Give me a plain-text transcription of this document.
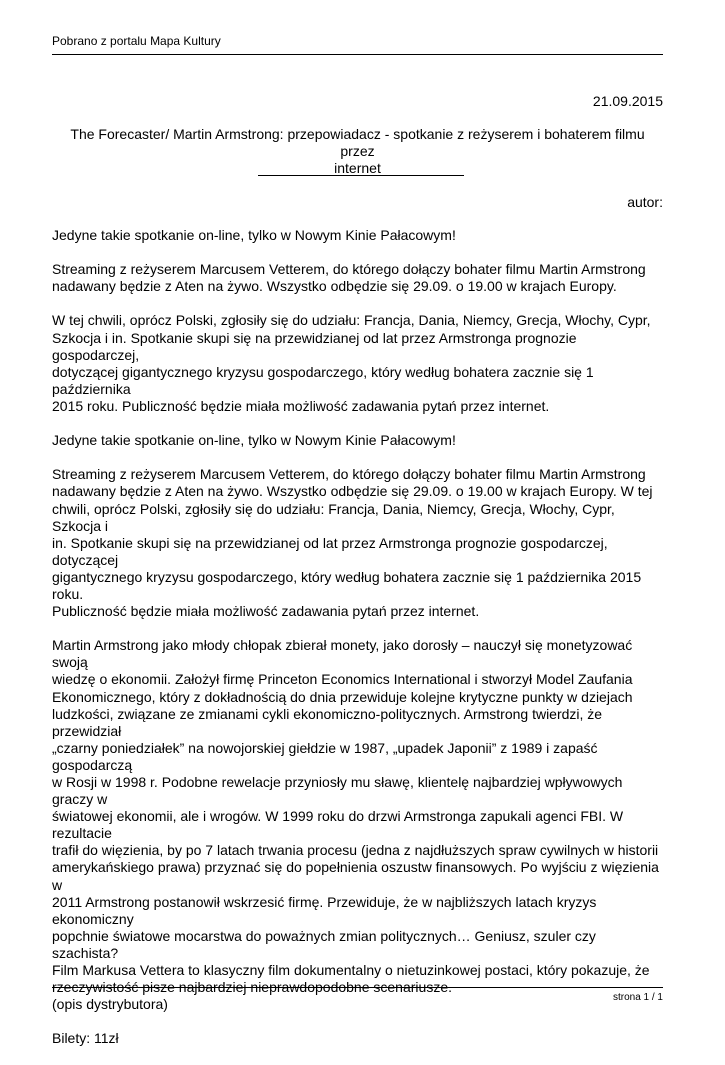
Pobrano z portalu Mapa Kultury
21.09.2015
The Forecaster/ Martin Armstrong: przepowiadacz - spotkanie z reżyserem i bohaterem filmu przez
internet
autor:

Jedyne takie spotkanie on-line, tylko w Nowym Kinie Pałacowym!

Streaming z reżyserem Marcusem Vetterem, do którego dołączy bohater filmu Martin Armstrong
nadawany będzie z Aten na żywo. Wszystko odbędzie się 29.09. o 19.00 w krajach Europy.

W tej chwili, oprócz Polski, zgłosiły się do udziału: Francja, Dania, Niemcy, Grecja, Włochy, Cypr,
Szkocja i in. Spotkanie skupi się na przewidzianej od lat przez Armstronga prognozie gospodarczej,
dotyczącej gigantycznego kryzysu gospodarczego, który według bohatera zacznie się 1 października
2015 roku. Publiczność będzie miała możliwość zadawania pytań przez internet.

Jedyne takie spotkanie on-line, tylko w Nowym Kinie Pałacowym!

Streaming z reżyserem Marcusem Vetterem, do którego dołączy bohater filmu Martin Armstrong
nadawany będzie z Aten na żywo. Wszystko odbędzie się 29.09. o 19.00 w krajach Europy. W tej
chwili, oprócz Polski, zgłosiły się do udziału: Francja, Dania, Niemcy, Grecja, Włochy, Cypr, Szkocja i
in. Spotkanie skupi się na przewidzianej od lat przez Armstronga prognozie gospodarczej, dotyczącej
gigantycznego kryzysu gospodarczego, który według bohatera zacznie się 1 października 2015 roku.
Publiczność będzie miała możliwość zadawania pytań przez internet.

Martin Armstrong jako młody chłopak zbierał monety, jako dorosły – nauczył się monetyzować swoją
wiedzę o ekonomii. Założył firmę Princeton Economics International i stworzył Model Zaufania
Ekonomicznego, który z dokładnością do dnia przewiduje kolejne krytyczne punkty w dziejach
ludzkości, związane ze zmianami cykli ekonomiczno-politycznych. Armstrong twierdzi, że przewidział
„czarny poniedziałek” na nowojorskiej giełdzie w 1987, „upadek Japonii” z 1989 i zapaść gospodarczą
w Rosji w 1998 r. Podobne rewelacje przyniosły mu sławę, klientelę najbardziej wpływowych graczy w
światowej ekonomii, ale i wrogów. W 1999 roku do drzwi Armstronga zapukali agenci FBI. W rezultacie
trafił do więzienia, by po 7 latach trwania procesu (jedna z najdłuższych spraw cywilnych w historii
amerykańskiego prawa) przyznać się do popełnienia oszustw finansowych. Po wyjściu z więzienia w
2011 Armstrong postanowił wskrzesić firmę. Przewiduje, że w najbliższych latach kryzys ekonomiczny
popchnie światowe mocarstwa do poważnych zmian politycznych… Geniusz, szuler czy szachista?
Film Markusa Vettera to klasyczny film dokumentalny o nietuzinkowej postaci, który pokazuje, że
rzeczywistość pisze najbardziej nieprawdopodobne scenariusze.
(opis dystrybutora)

Bilety: 11zł

strona 1 / 1
